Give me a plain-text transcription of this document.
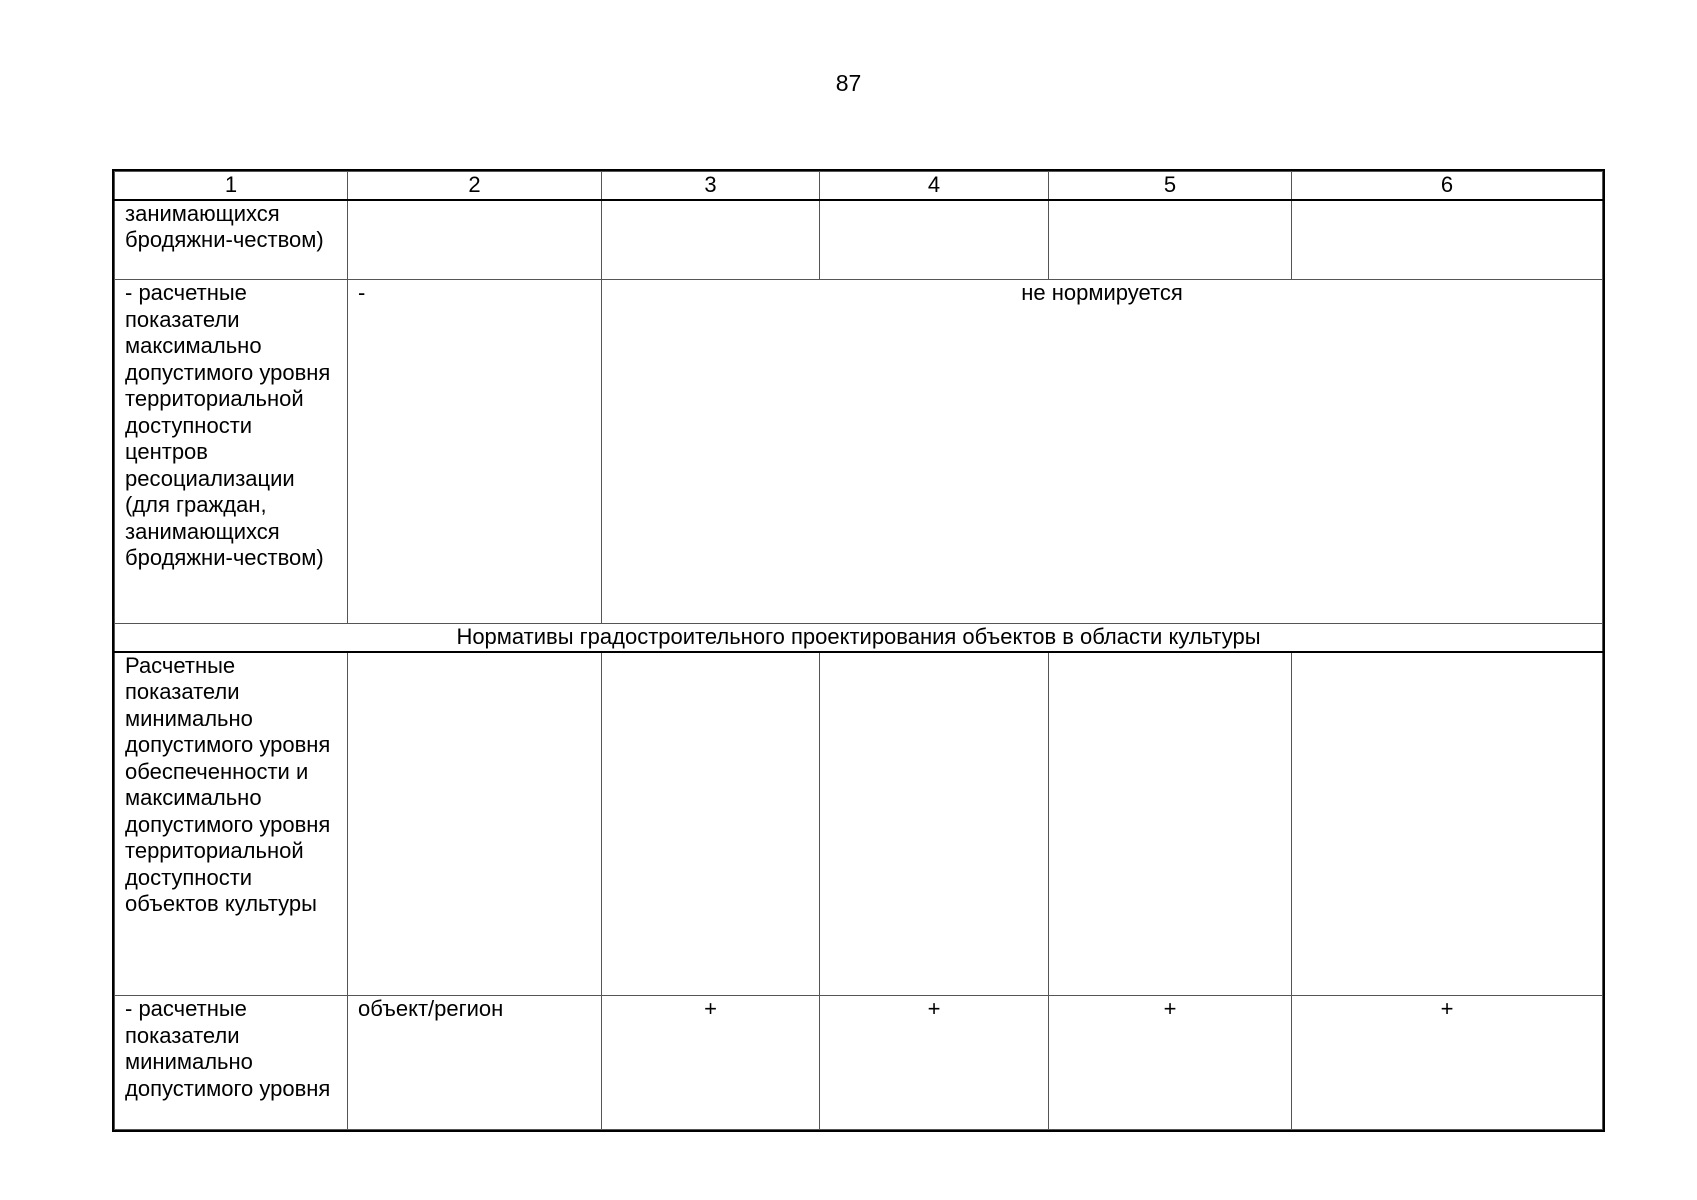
87
1	2	3	4	5	6
занимающихся бродяжни-чеством)					
- расчетные показатели максимально допустимого уровня территориальной доступности центров ресоциализации (для граждан, занимающихся бродяжни-чеством)	-	не нормируется			
Нормативы градостроительного проектирования объектов в области культуры					
Расчетные показатели минимально допустимого уровня обеспеченности и максимально допустимого уровня территориальной доступности объектов культуры					
- расчетные показатели минимально допустимого уровня	объект/регион	+	+	+	+
